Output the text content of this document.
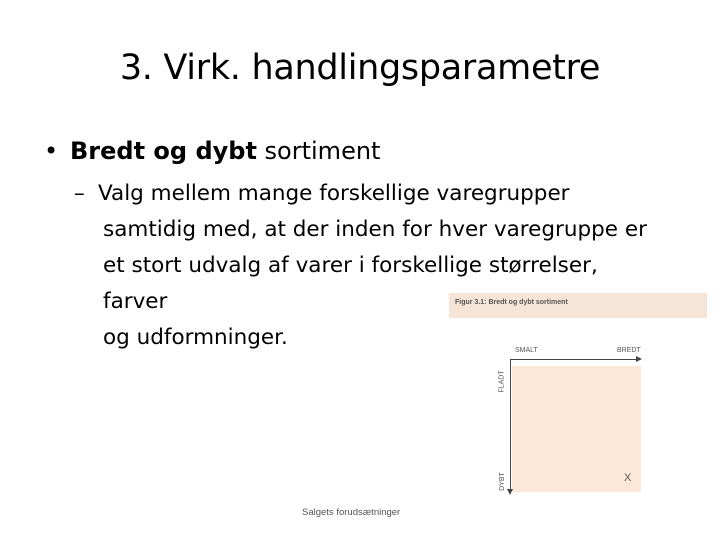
3. Virk. handlingsparametre
• Bredt og dybt sortiment
– Valg mellem mange forskellige varegrupper
samtidig med, at der inden for hver varegruppe er
et stort udvalg af varer i forskellige størrelser,
farver
og udformninger.
Figur 3.1: Bredt og dybt sortiment
SMALT	BREDT
FLADT
DYBT	X
Salgets forudsætninger
